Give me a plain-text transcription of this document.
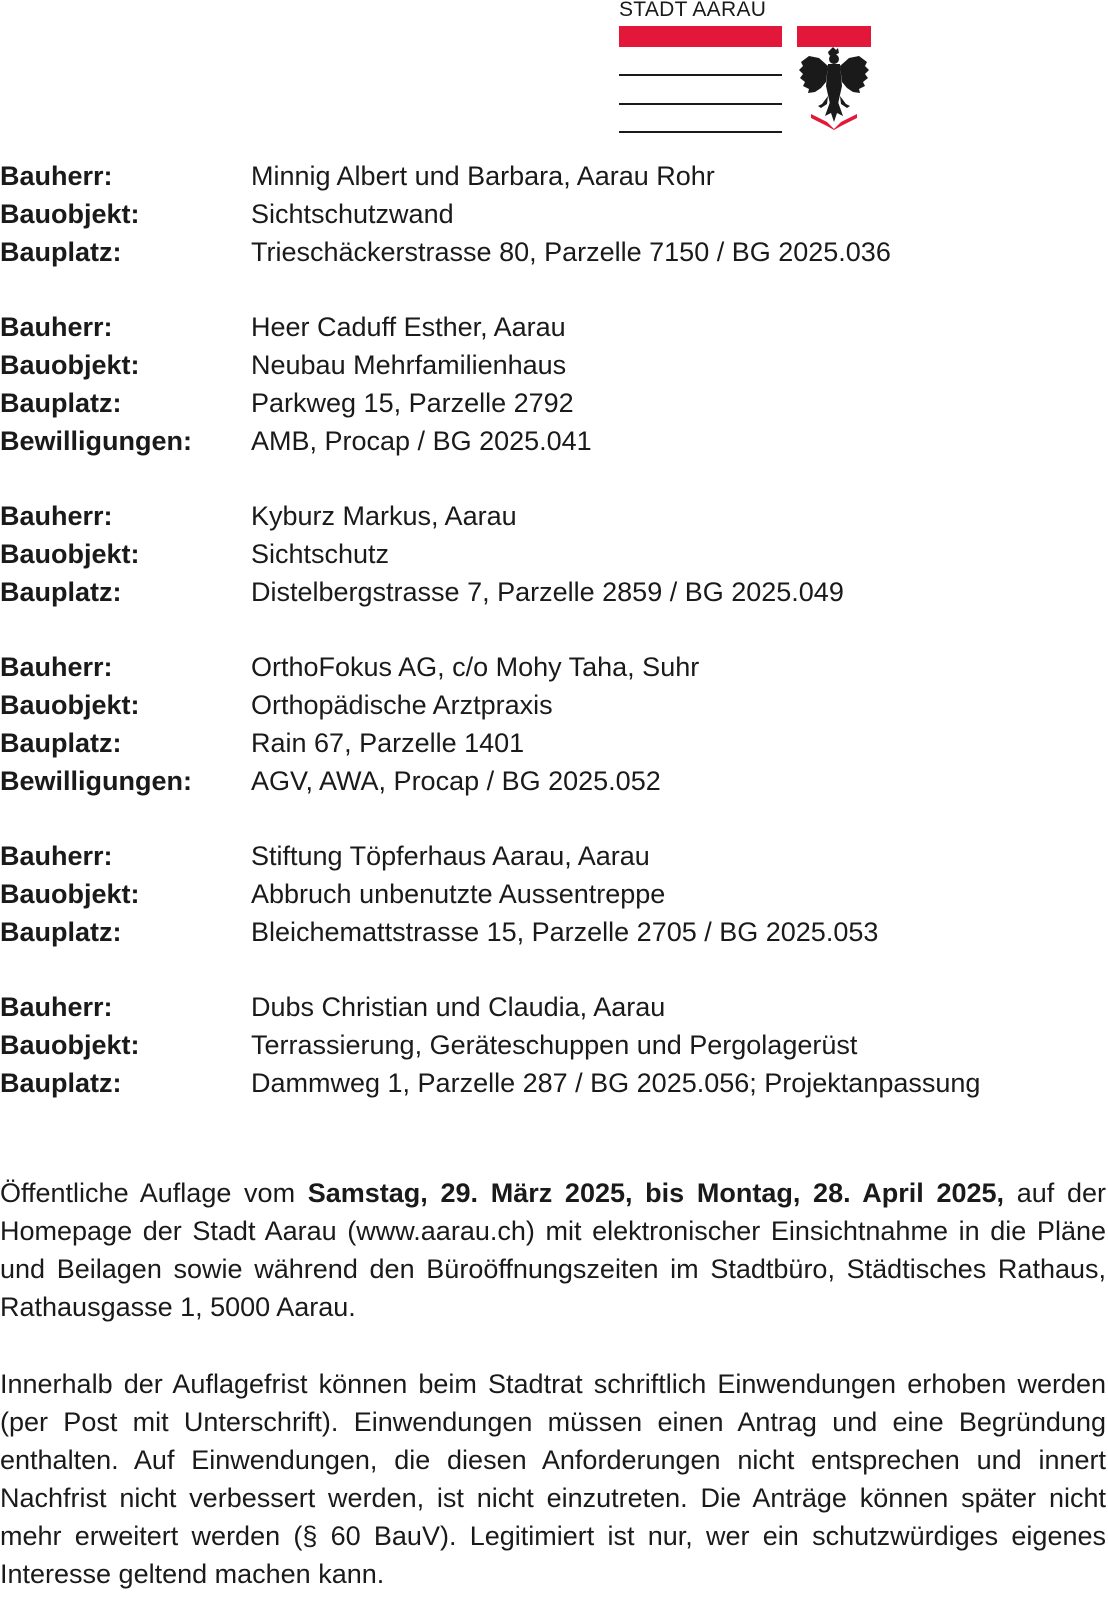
STADT AARAU
Bauherr:	Minnig Albert und Barbara, Aarau Rohr
Bauobjekt:	Sichtschutzwand
Bauplatz:	Trieschäckerstrasse 80, Parzelle 7150 / BG 2025.036
Bauherr:	Heer Caduff Esther, Aarau
Bauobjekt:	Neubau Mehrfamilienhaus
Bauplatz:	Parkweg 15, Parzelle 2792
Bewilligungen: AMB, Procap / BG 2025.041
Bauherr:	Kyburz Markus, Aarau
Bauobjekt:	Sichtschutz
Bauplatz:	Distelbergstrasse 7, Parzelle 2859 / BG 2025.049
Bauherr:	OrthoFokus AG, c/o Mohy Taha, Suhr
Bauobjekt:	Orthopädische Arztpraxis
Bauplatz:	Rain 67, Parzelle 1401
Bewilligungen: AGV, AWA, Procap / BG 2025.052
Bauherr:	Stiftung Töpferhaus Aarau, Aarau
Bauobjekt:	Abbruch unbenutzte Aussentreppe
Bauplatz:	Bleichemattstrasse 15, Parzelle 2705 / BG 2025.053
Bauherr:	Dubs Christian und Claudia, Aarau
Bauobjekt:	Terrassierung, Geräteschuppen und Pergolagerüst
Bauplatz:	Dammweg 1, Parzelle 287 / BG 2025.056; Projektanpassung

Öffentliche Auflage vom Samstag, 29. März 2025, bis Montag, 28. April 2025, auf der Homepage der Stadt Aarau (www.aarau.ch) mit elektronischer Einsichtnahme in die Pläne und Beilagen sowie während den Büroöffnungszeiten im Stadtbüro, Städtisches Rathaus, Rathausgasse 1, 5000 Aarau.

Innerhalb der Auflagefrist können beim Stadtrat schriftlich Einwendungen erhoben werden (per Post mit Unterschrift). Einwendungen müssen einen Antrag und eine Begründung enthalten. Auf Einwendungen, die diesen Anforderungen nicht entsprechen und innert Nachfrist nicht verbessert werden, ist nicht einzutreten. Die Anträge können später nicht mehr erweitert werden (§ 60 BauV). Legitimiert ist nur, wer ein schutzwürdiges eigenes Interesse geltend machen kann.
